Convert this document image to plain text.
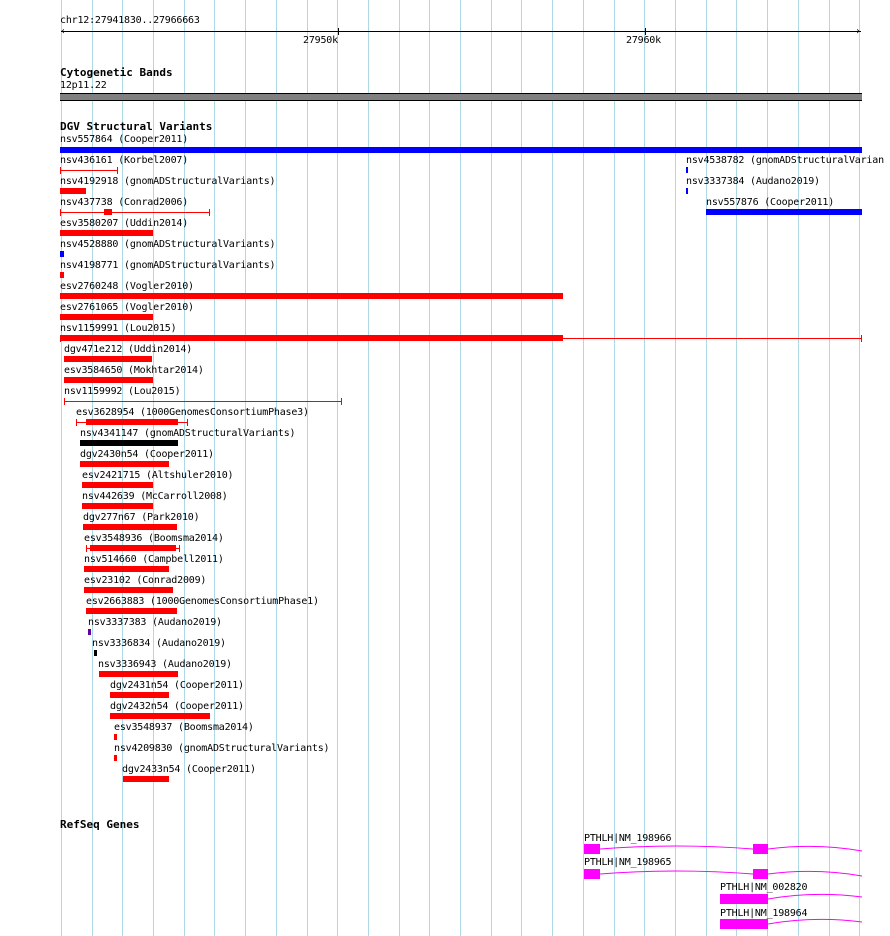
chr12:27941830..27966663
‹	›
27950k	27960k
Cytogenetic Bands
12p11.22
DGV Structural Variants
nsv557864 (Cooper2011)
nsv436161 (Korbel2007)	nsv4538782 (gnomADStructuralVarian
nsv4192918 (gnomADStructuralVariants)	nsv3337384 (Audano2019)
nsv437738 (Conrad2006)	nsv557876 (Cooper2011)
esv3580207 (Uddin2014)
nsv4528880 (gnomADStructuralVariants)
nsv4198771 (gnomADStructuralVariants)
esv2760248 (Vogler2010)
esv2761065 (Vogler2010)
nsv1159991 (Lou2015)
dgv471e212 (Uddin2014)
esv3584650 (Mokhtar2014)
nsv1159992 (Lou2015)
esv3628954 (1000GenomesConsortiumPhase3)
nsv4341147 (gnomADStructuralVariants)
dgv2430n54 (Cooper2011)
esv2421715 (Altshuler2010)
nsv442639 (McCarroll2008)
dgv277n67 (Park2010)
esv3548936 (Boomsma2014)
nsv514660 (Campbell2011)
esv23102 (Conrad2009)
esv2663883 (1000GenomesConsortiumPhase1)
nsv3337383 (Audano2019)
nsv3336834 (Audano2019)
nsv3336943 (Audano2019)
dgv2431n54 (Cooper2011)
dgv2432n54 (Cooper2011)
esv3548937 (Boomsma2014)
nsv4209830 (gnomADStructuralVariants)
dgv2433n54 (Cooper2011)
RefSeq Genes
PTHLH|NM_198966
PTHLH|NM_198965
PTHLH|NM_002820
PTHLH|NM_198964
